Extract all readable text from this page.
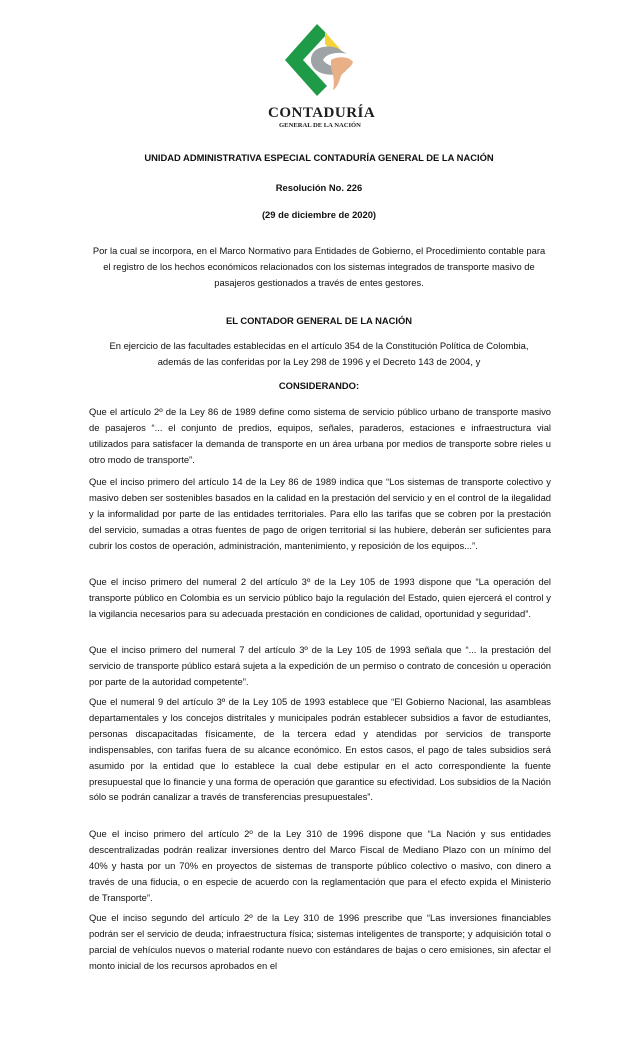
CONTADURÍA
GENERAL DE LA NACIÓN
UNIDAD ADMINISTRATIVA ESPECIAL CONTADURÍA GENERAL DE LA NACIÓN
Resolución No. 226
(29 de diciembre de 2020)
Por la cual se incorpora, en el Marco Normativo para Entidades de Gobierno, el Procedimiento contable para el registro de los hechos económicos relacionados con los sistemas integrados de transporte masivo de pasajeros gestionados a través de entes gestores.
EL CONTADOR GENERAL DE LA NACIÓN
En ejercicio de las facultades establecidas en el artículo 354 de la Constitución Política de Colombia, además de las conferidas por la Ley 298 de 1996 y el Decreto 143 de 2004, y
CONSIDERANDO:

Que el artículo 2º de la Ley 86 de 1989 define como sistema de servicio público urbano de transporte masivo de pasajeros “... el conjunto de predios, equipos, señales, paraderos, estaciones e infraestructura vial utilizados para satisfacer la demanda de transporte en un área urbana por medios de transporte sobre rieles u otro modo de transporte”.

Que el inciso primero del artículo 14 de la Ley 86 de 1989 indica que “Los sistemas de transporte colectivo y masivo deben ser sostenibles basados en la calidad en la prestación del servicio y en el control de la ilegalidad y la informalidad por parte de las entidades territoriales. Para ello las tarifas que se cobren por la prestación del servicio, sumadas a otras fuentes de pago de origen territorial si las hubiere, deberán ser suficientes para cubrir los costos de operación, administración, mantenimiento, y reposición de los equipos...”.

Que el inciso primero del numeral 2 del artículo 3º de la Ley 105 de 1993 dispone que “La operación del transporte público en Colombia es un servicio público bajo la regulación del Estado, quien ejercerá el control y la vigilancia necesarios para su adecuada prestación en condiciones de calidad, oportunidad y seguridad”.

Que el inciso primero del numeral 7 del artículo 3º de la Ley 105 de 1993 señala que “... la prestación del servicio de transporte público estará sujeta a la expedición de un permiso o contrato de concesión u operación por parte de la autoridad competente”.

Que el numeral 9 del artículo 3º de la Ley 105 de 1993 establece que “El Gobierno Nacional, las asambleas departamentales y los concejos distritales y municipales podrán establecer subsidios a favor de estudiantes, personas discapacitadas físicamente, de la tercera edad y atendidas por servicios de transporte indispensables, con tarifas fuera de su alcance económico. En estos casos, el pago de tales subsidios será asumido por la entidad que lo establece la cual debe estipular en el acto correspondiente la fuente presupuestal que lo financie y una forma de operación que garantice su efectividad. Los subsidios de la Nación sólo se podrán canalizar a través de transferencias presupuestales”.

Que el inciso primero del artículo 2º de la Ley 310 de 1996 dispone que “La Nación y sus entidades descentralizadas podrán realizar inversiones dentro del Marco Fiscal de Mediano Plazo con un mínimo del 40% y hasta por un 70% en proyectos de sistemas de transporte público colectivo o masivo, con dinero a través de una fiducia, o en especie de acuerdo con la reglamentación que para el efecto expida el Ministerio de Transporte”.

Que el inciso segundo del artículo 2º de la Ley 310 de 1996 prescribe que “Las inversiones financiables podrán ser el servicio de deuda; infraestructura física; sistemas inteligentes de transporte; y adquisición total o parcial de vehículos nuevos o material rodante nuevo con estándares de bajas o cero emisiones, sin afectar el monto inicial de los recursos aprobados en el
